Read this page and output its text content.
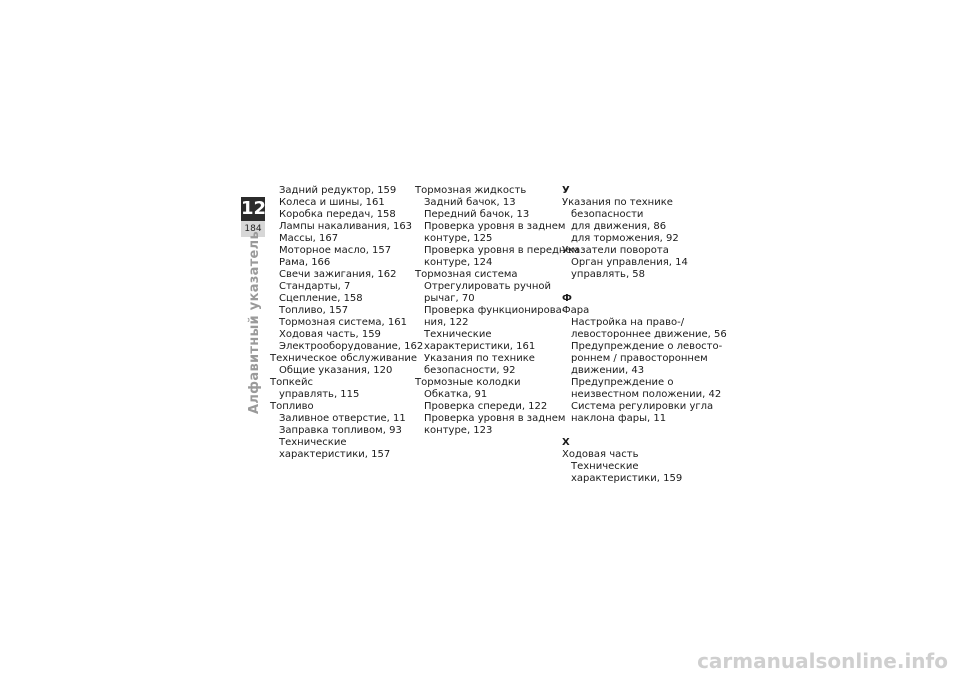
12
184
Алфавитный указатель
Задний редуктор, 159
Колеса и шины, 161
Коробка передач, 158
Лампы накаливания, 163
Массы, 167
Моторное масло, 157
Рама, 166
Свечи зажигания, 162
Стандарты, 7
Сцепление, 158
Топливо, 157
Тормозная система, 161
Ходовая часть, 159
Электрооборудование, 162
Техническое обслуживание
Общие указания, 120
Топкейс
управлять, 115
Топливо
Заливное отверстие, 11
Заправка топливом, 93
Технические
характеристики, 157
Тормозная жидкость
Задний бачок, 13
Передний бачок, 13
Проверка уровня в заднем
контуре, 125
Проверка уровня в переднем
контуре, 124
Тормозная система
Отрегулировать ручной
рычаг, 70
Проверка функционирова-
ния, 122
Технические
характеристики, 161
Указания по технике
безопасности, 92
Тормозные колодки
Обкатка, 91
Проверка спереди, 122
Проверка уровня в заднем
контуре, 123
У
Указания по технике
безопасности
для движения, 86
для торможения, 92
Указатели поворота
Орган управления, 14
управлять, 58
Ф
Фара
Настройка на право-/
левостороннее движение, 56
Предупреждение о левосто-
роннем / правостороннем
движении, 43
Предупреждение о
неизвестном положении, 42
Система регулировки угла
наклона фары, 11
Х
Ходовая часть
Технические
характеристики, 159
carmanualsonline.info
